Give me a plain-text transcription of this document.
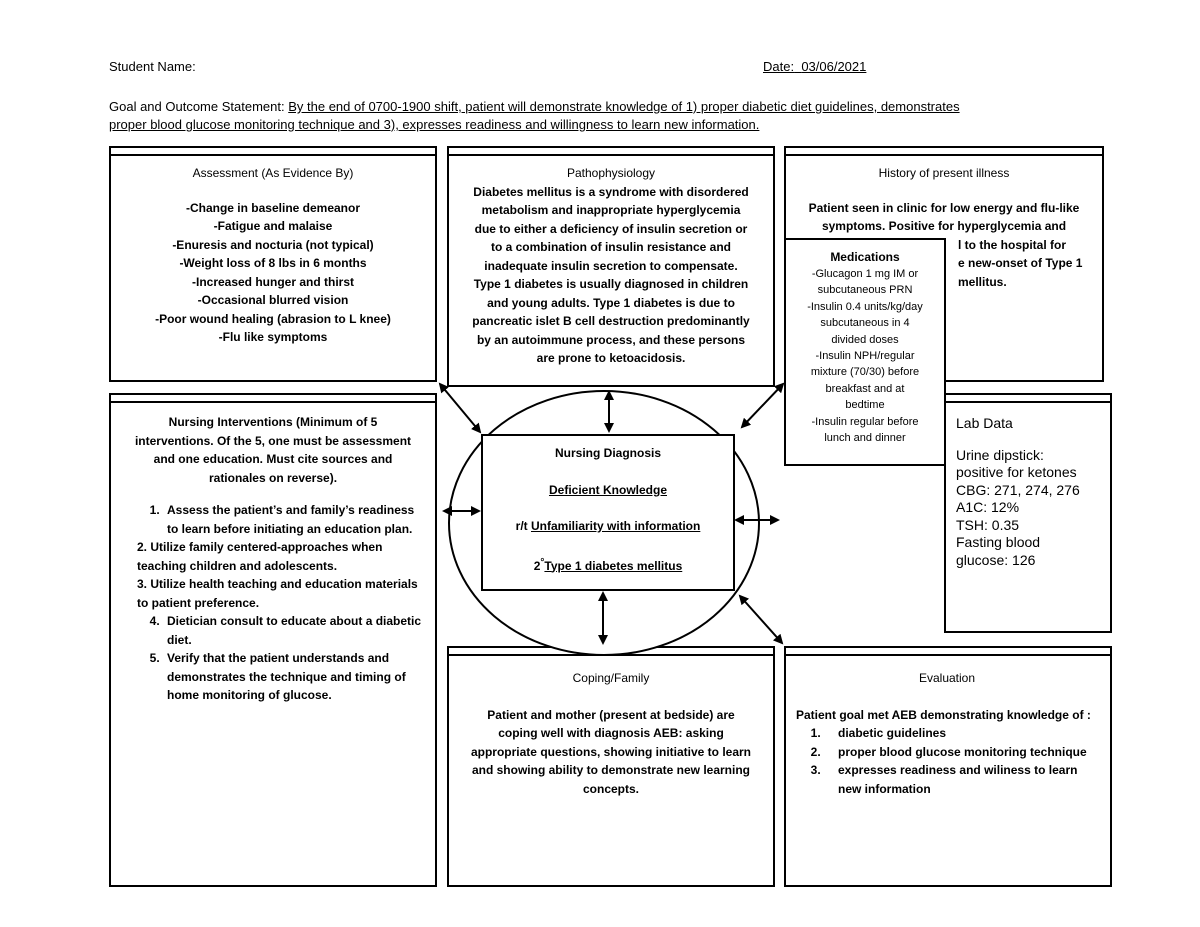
Student Name:	Date: 03/06/2021
Goal and Outcome Statement: By the end of 0700-1900 shift, patient will demonstrate knowledge of 1) proper diabetic diet guidelines, demonstrates
proper blood glucose monitoring technique and 3), expresses readiness and willingness to learn new information.
Assessment (As Evidence By)
-Change in baseline demeanor
-Fatigue and malaise
-Enuresis and nocturia (not typical)
-Weight loss of 8 lbs in 6 months
-Increased hunger and thirst
-Occasional blurred vision
-Poor wound healing (abrasion to L knee)
-Flu like symptoms
Pathophysiology
Diabetes mellitus is a syndrome with disordered
metabolism and inappropriate hyperglycemia
due to either a deficiency of insulin secretion or
to a combination of insulin resistance and
inadequate insulin secretion to compensate.
Type 1 diabetes is usually diagnosed in children
and young adults. Type 1 diabetes is due to
pancreatic islet B cell destruction predominantly
by an autoimmune process, and these persons
are prone to ketoacidosis.
History of present illness
Patient seen in clinic for low energy and flu-like
symptoms. Positive for hyperglycemia and
l to the hospital for
e new-onset of Type 1
mellitus.
Lab Data
Urine dipstick:
positive for ketones
CBG: 271, 274, 276
A1C: 12%
TSH: 0.35
Fasting blood
glucose: 126
Nursing Interventions (Minimum of 5
interventions. Of the 5, one must be assessment
and one education. Must cite sources and
rationales on reverse).
1. Assess the patient’s and family’s readiness to learn before initiating an education plan.
2. Utilize family centered-approaches when teaching children and adolescents.
3. Utilize health teaching and education materials to patient preference.
4. Dietician consult to educate about a diabetic diet.
5. Verify that the patient understands and demonstrates the technique and timing of home monitoring of glucose.
Coping/Family
Patient and mother (present at bedside) are
coping well with diagnosis AEB: asking
appropriate questions, showing initiative to learn
and showing ability to demonstrate new learning
concepts.
Evaluation
Patient goal met AEB demonstrating knowledge of :
1. diabetic guidelines
2. proper blood glucose monitoring technique
3. expresses readiness and wiliness to learn new information
Nursing Diagnosis
Deficient Knowledge
r/t Unfamiliarity with information
2°Type 1 diabetes mellitus
Medications
-Glucagon 1 mg IM or
subcutaneous PRN
-Insulin 0.4 units/kg/day
subcutaneous in 4
divided doses
-Insulin NPH/regular
mixture (70/30) before
breakfast and at
bedtime
-Insulin regular before
lunch and dinner
